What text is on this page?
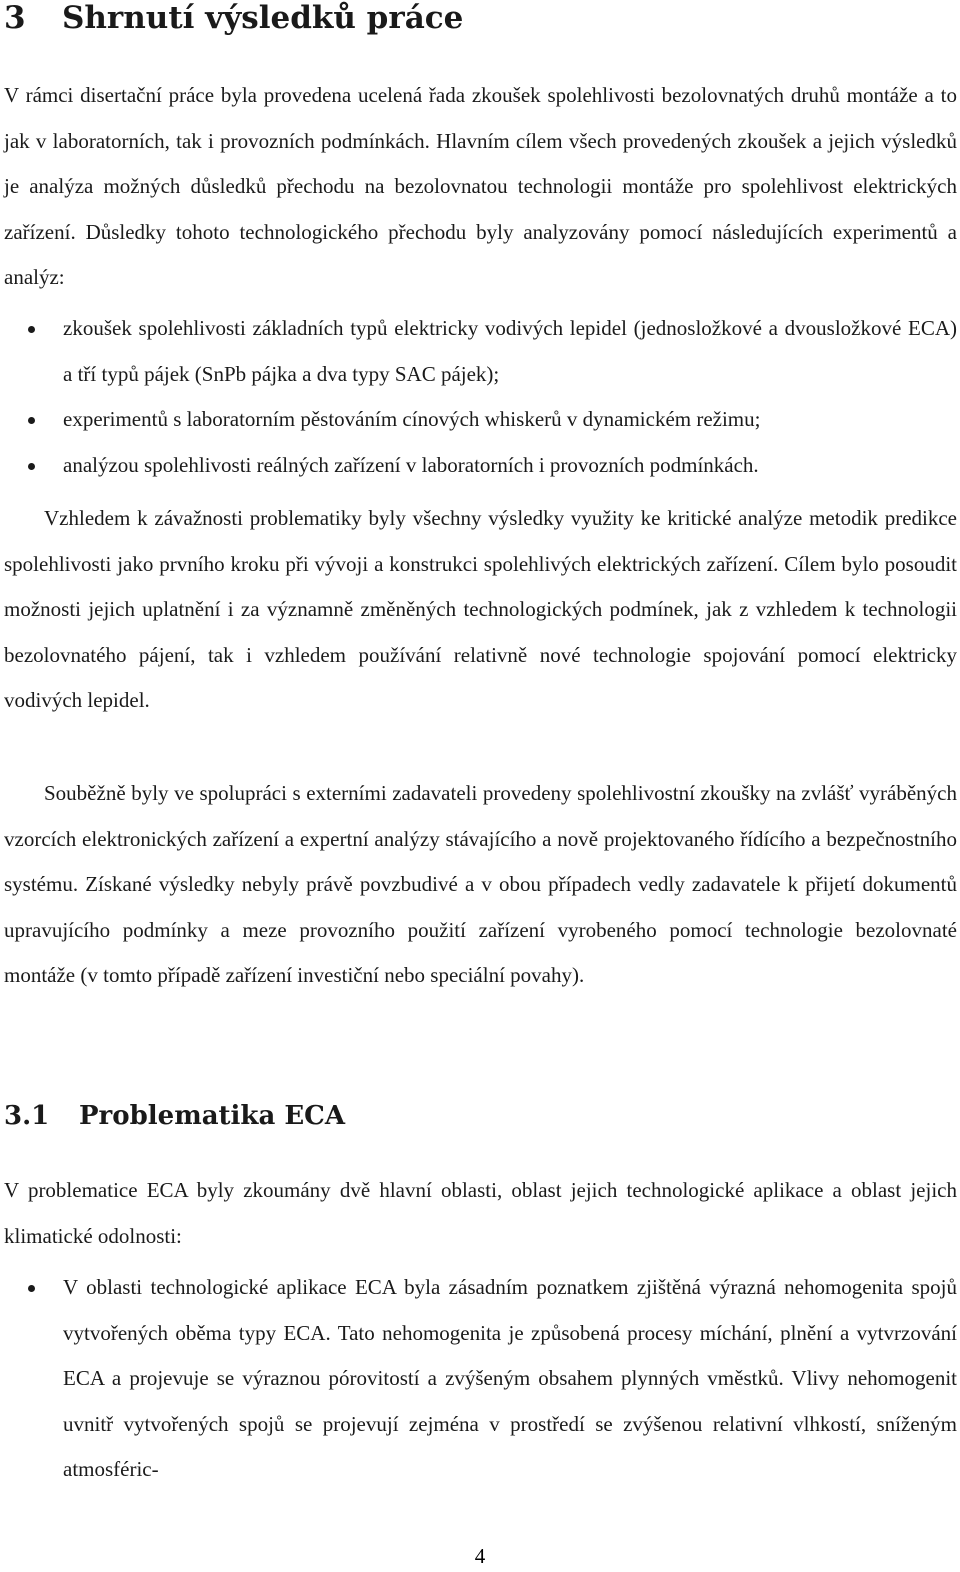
3 Shrnutí výsledků práce

V rámci disertační práce byla provedena ucelená řada zkoušek spolehlivosti bezolovnatých druhů montáže a to jak v laboratorních, tak i provozních podmínkách. Hlavním cílem všech provedených zkoušek a jejich výsledků je analýza možných důsledků přechodu na bezolovnatou technologii montáže pro spolehlivost elektrických zařízení. Důsledky tohoto technologického přechodu byly analyzovány pomocí následujících experimentů a analýz:

zkoušek spolehlivosti základních typů elektricky vodivých lepidel (jednosložkové a dvousložkové ECA) a tří typů pájek (SnPb pájka a dva typy SAC pájek);
experimentů s laboratorním pěstováním cínových whiskerů v dynamickém režimu;
analýzou spolehlivosti reálných zařízení v laboratorních i provozních podmínkách.

Vzhledem k závažnosti problematiky byly všechny výsledky využity ke kritické analýze metodik predikce spolehlivosti jako prvního kroku při vývoji a konstrukci spolehlivých elektrických zařízení. Cílem bylo posoudit možnosti jejich uplatnění i za významně změněných technologických podmínek, jak z vzhledem k technologii bezolovnatého pájení, tak i vzhledem používání relativně nové technologie spojování pomocí elektricky vodivých lepidel.

Souběžně byly ve spolupráci s externími zadavateli provedeny spolehlivostní zkoušky na zvlášť vyráběných vzorcích elektronických zařízení a expertní analýzy stávajícího a nově projektovaného řídícího a bezpečnostního systému. Získané výsledky nebyly právě povzbudivé a v obou případech vedly zadavatele k přijetí dokumentů upravujícího podmínky a meze provozního použití zařízení vyrobeného pomocí technologie bezolovnaté montáže (v tomto případě zařízení investiční nebo speciální povahy).

3.1 Problematika ECA

V problematice ECA byly zkoumány dvě hlavní oblasti, oblast jejich technologické aplikace a oblast jejich klimatické odolnosti:

V oblasti technologické aplikace ECA byla zásadním poznatkem zjištěná výrazná nehomogenita spojů vytvořených oběma typy ECA. Tato nehomogenita je způsobená procesy míchání, plnění a vytvrzování ECA a projevuje se výraznou pórovitostí a zvýšeným obsahem plynných vměstků. Vlivy nehomogenit uvnitř vytvořených spojů se projevují zejména v prostředí se zvýšenou relativní vlhkostí, sníženým atmosféric-
4
